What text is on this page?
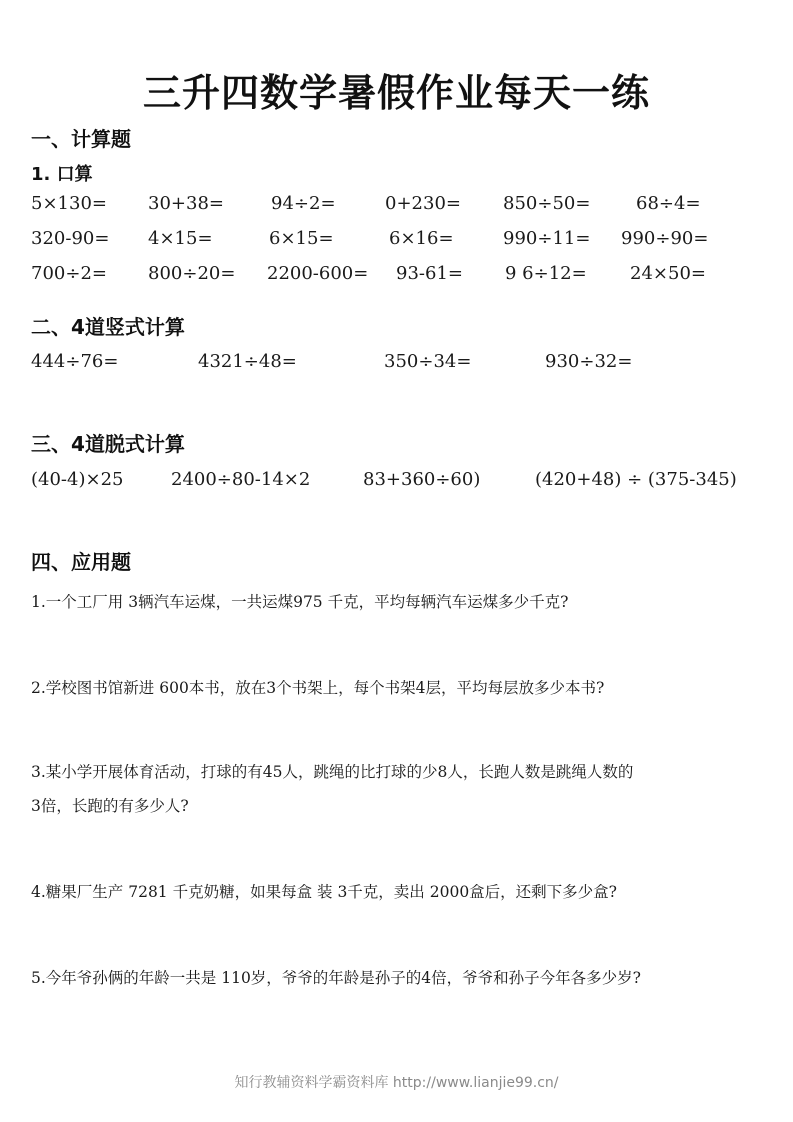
三升四数学暑假作业每天一练
一、计算题
1. 口算
5×130= 30+38=	94÷2=	0+230= 850÷50=	68÷4=
320-90= 4×15=	6×15=	6×16=	990÷11= 990÷90=
700÷2= 800÷20= 2200-600= 93-61= 9 6÷12= 24×50=
二、4道竖式计算
444÷76=	4321÷48=	350÷34=	930÷32=
三、4道脱式计算
(40-4)×25	2400÷80-14×2	83+360÷60)	(420+48) ÷ (375-345)
四、应用题
1.一个工厂用 3辆汽车运煤，一共运煤975 千克，平均每辆汽车运煤多少千克?
2.学校图书馆新进 600本书，放在3个书架上，每个书架4层，平均每层放多少本书?
3.某小学开展体育活动，打球的有45人，跳绳的比打球的少8人，长跑人数是跳绳人数的
3倍，长跑的有多少人?
4.糖果厂生产 7281 千克奶糖，如果每盒 装 3千克，卖出 2000盒后，还剩下多少盒?
5.今年爷孙俩的年龄一共是 110岁，爷爷的年龄是孙子的4倍，爷爷和孙子今年各多少岁?
知行教辅资料学霸资料库 http://www.lianjie99.cn/
